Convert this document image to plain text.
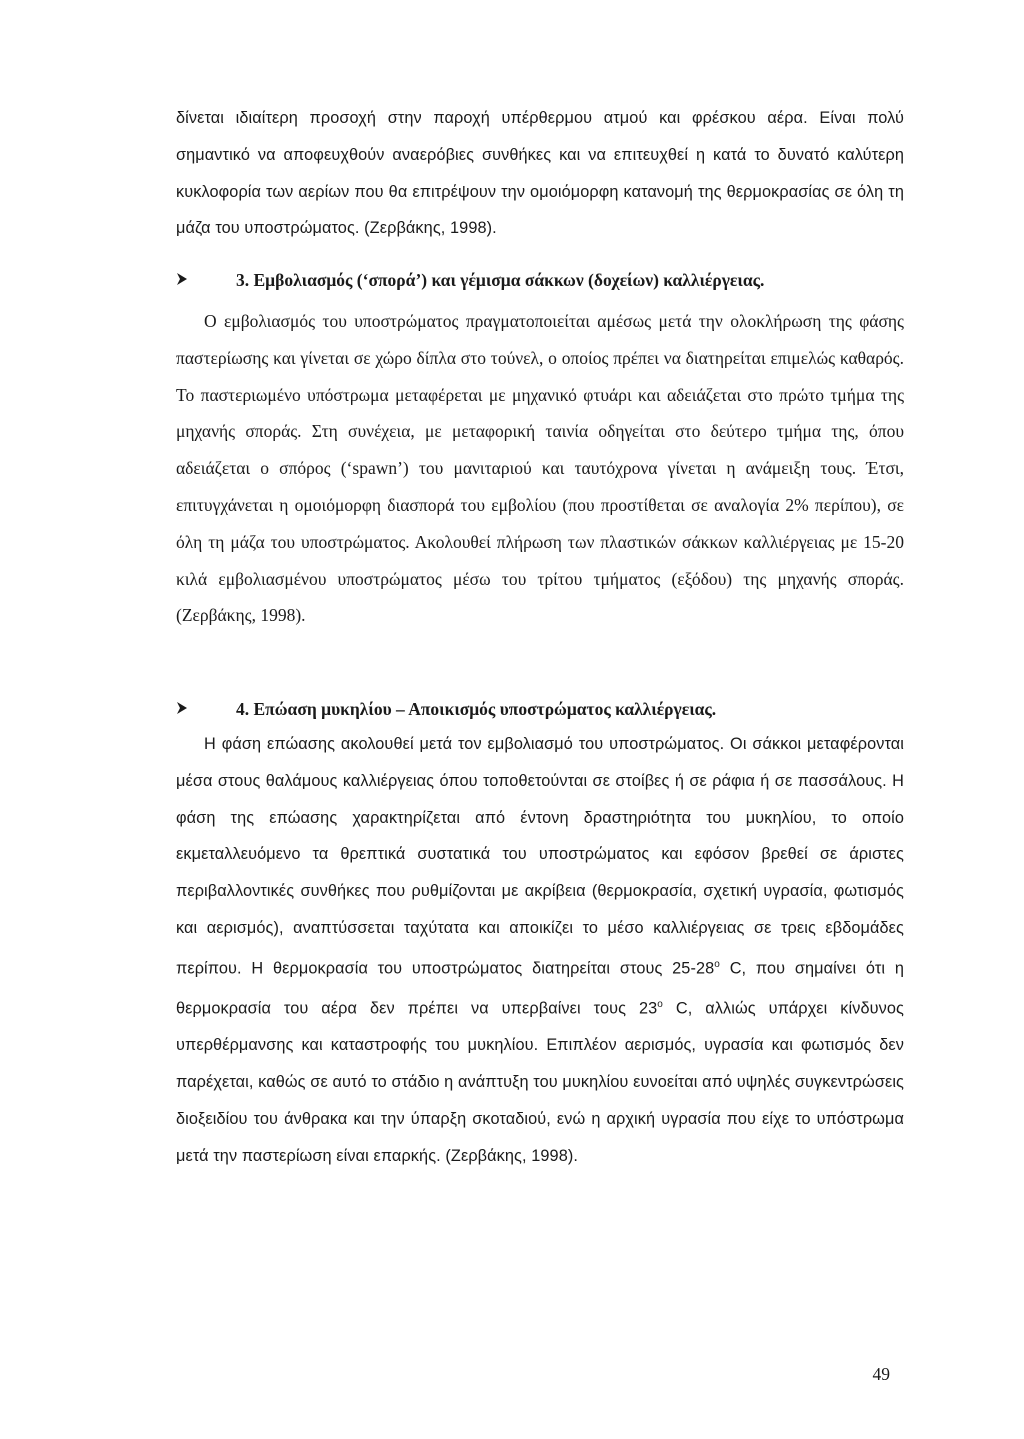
δίνεται ιδιαίτερη προσοχή στην παροχή υπέρθερμου ατμού και φρέσκου αέρα. Είναι πολύ σημαντικό να αποφευχθούν αναερόβιες συνθήκες και να επιτευχθεί η κατά το δυνατό καλύτερη κυκλοφορία των αερίων που θα επιτρέψουν την ομοιόμορφη κατανομή της θερμοκρασίας σε όλη τη μάζα του υποστρώματος. (Ζερβάκης, 1998).

3. Εμβολιασμός (‘σπορά’) και γέμισμα σάκκων (δοχείων) καλλιέργειας.

Ο εμβολιασμός του υποστρώματος πραγματοποιείται αμέσως μετά την ολοκλήρωση της φάσης παστερίωσης και γίνεται σε χώρο δίπλα στο τούνελ, ο οποίος πρέπει να διατηρείται επιμελώς καθαρός. Το παστεριωμένο υπόστρωμα μεταφέρεται με μηχανικό φτυάρι και αδειάζεται στο πρώτο τμήμα της μηχανής σποράς. Στη συνέχεια, με μεταφορική ταινία οδηγείται στο δεύτερο τμήμα της, όπου αδειάζεται ο σπόρος (‘spawn’) του μανιταριού και ταυτόχρονα γίνεται η ανάμειξη τους. Έτσι, επιτυγχάνεται η ομοιόμορφη διασπορά του εμβολίου (που προστίθεται σε αναλογία 2% περίπου), σε όλη τη μάζα του υποστρώματος. Ακολουθεί πλήρωση των πλαστικών σάκκων καλλιέργειας με 15-20 κιλά εμβολιασμένου υποστρώματος μέσω του τρίτου τμήματος (εξόδου) της μηχανής σποράς. (Ζερβάκης, 1998).

4. Επώαση μυκηλίου – Αποικισμός υποστρώματος καλλιέργειας.

Η φάση επώασης ακολουθεί μετά τον εμβολιασμό του υποστρώματος. Οι σάκκοι μεταφέρονται μέσα στους θαλάμους καλλιέργειας όπου τοποθετούνται σε στοίβες ή σε ράφια ή σε πασσάλους. Η φάση της επώασης χαρακτηρίζεται από έντονη δραστηριότητα του μυκηλίου, το οποίο εκμεταλλευόμενο τα θρεπτικά συστατικά του υποστρώματος και εφόσον βρεθεί σε άριστες περιβαλλοντικές συνθήκες που ρυθμίζονται με ακρίβεια (θερμοκρασία, σχετική υγρασία, φωτισμός και αερισμός), αναπτύσσεται ταχύτατα και αποικίζει το μέσο καλλιέργειας σε τρεις εβδομάδες περίπου. Η θερμοκρασία του υποστρώματος διατηρείται στους 25-28$^o$ C, που σημαίνει ότι η θερμοκρασία του αέρα δεν πρέπει να υπερβαίνει τους 23$^o$ C, αλλιώς υπάρχει κίνδυνος υπερθέρμανσης και καταστροφής του μυκηλίου. Επιπλέον αερισμός, υγρασία και φωτισμός δεν παρέχεται, καθώς σε αυτό το στάδιο η ανάπτυξη του μυκηλίου ευνοείται από υψηλές συγκεντρώσεις διοξειδίου του άνθρακα και την ύπαρξη σκοταδιού, ενώ η αρχική υγρασία που είχε το υπόστρωμα μετά την παστερίωση είναι επαρκής. (Ζερβάκης, 1998).

49
